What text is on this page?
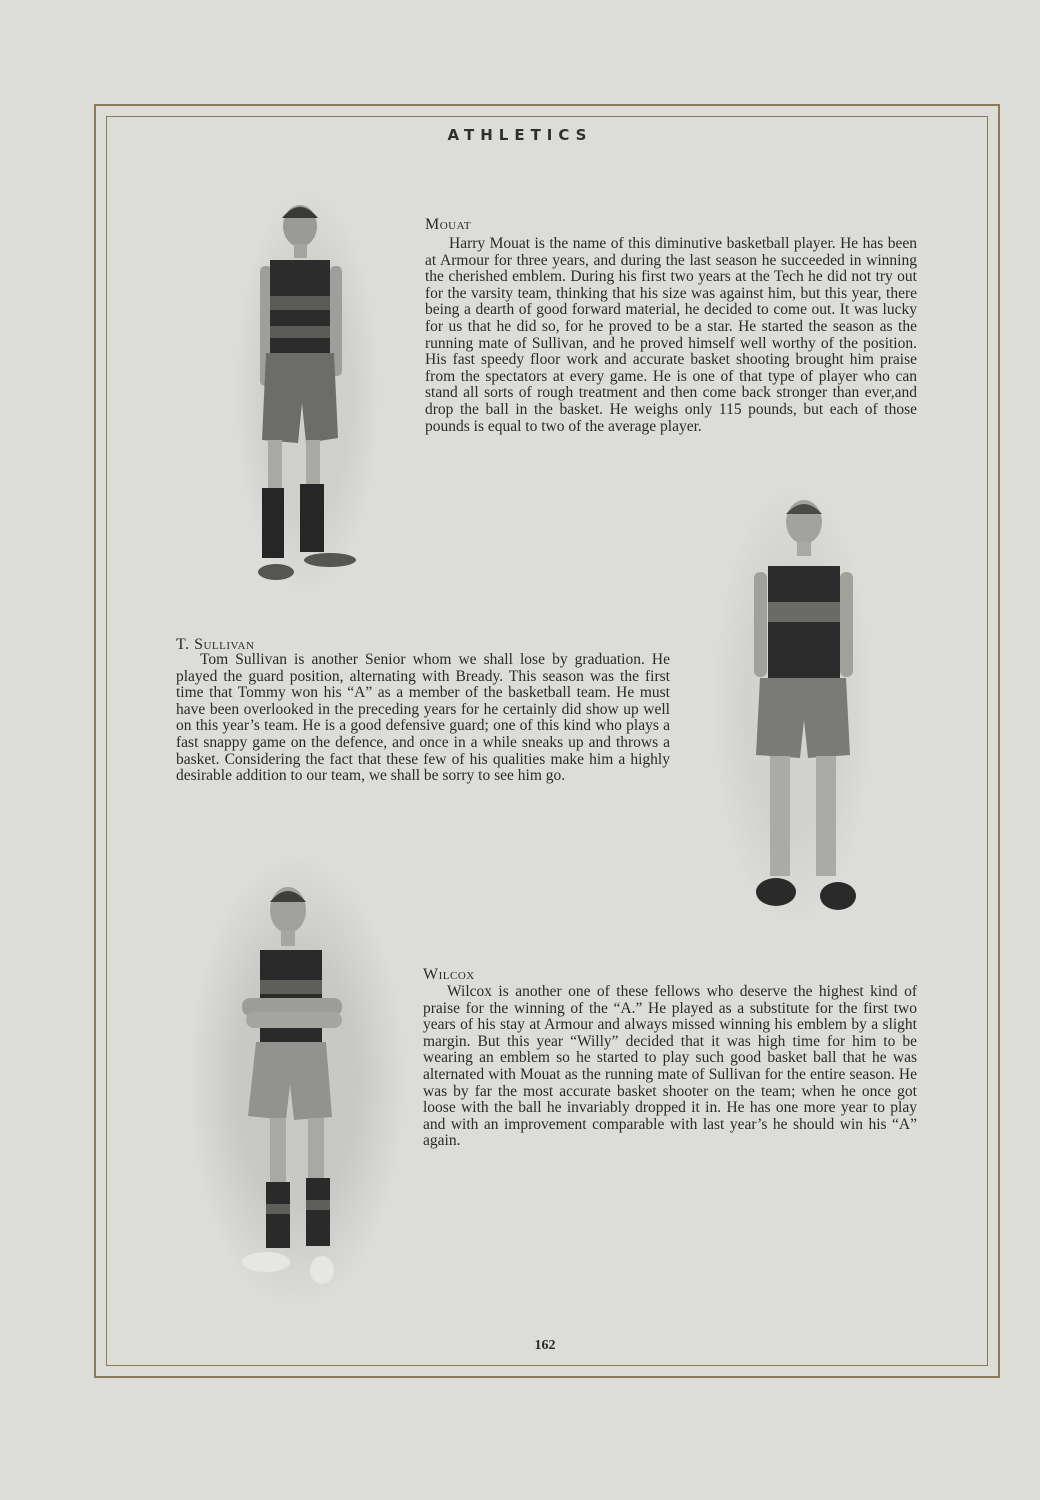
ATHLETICS
Mouat

Harry Mouat is the name of this diminutive basketball player. He has been at Armour for three years, and during the last season he succeeded in winning the cherished emblem. During his first two years at the Tech he did not try out for the varsity team, thinking that his size was against him, but this year, there being a dearth of good forward material, he decided to come out. It was lucky for us that he did so, for he proved to be a star. He started the season as the running mate of Sullivan, and he proved himself well worthy of the position. His fast speedy floor work and accurate basket shooting brought him praise from the spectators at every game. He is one of that type of player who can stand all sorts of rough treatment and then come back stronger than ever,and drop the ball in the basket. He weighs only 115 pounds, but each of those pounds is equal to two of the average player.

T. Sullivan

Tom Sullivan is another Senior whom we shall lose by graduation. He played the guard position, alternating with Bready. This season was the first time that Tommy won his “A” as a member of the basketball team. He must have been overlooked in the preceding years for he certainly did show up well on this year’s team. He is a good defensive guard; one of this kind who plays a fast snappy game on the defence, and once in a while sneaks up and throws a basket. Considering the fact that these few of his qualities make him a highly desirable addition to our team, we shall be sorry to see him go.

Wilcox

Wilcox is another one of these fellows who deserve the highest kind of praise for the winning of the “A.” He played as a substitute for the first two years of his stay at Armour and always missed winning his emblem by a slight margin. But this year “Willy” decided that it was high time for him to be wearing an emblem so he started to play such good basket ball that he was alternated with Mouat as the running mate of Sullivan for the entire season. He was by far the most accurate basket shooter on the team; when he once got loose with the ball he invariably dropped it in. He has one more year to play and with an improvement comparable with last year’s he should win his “A” again.

162
